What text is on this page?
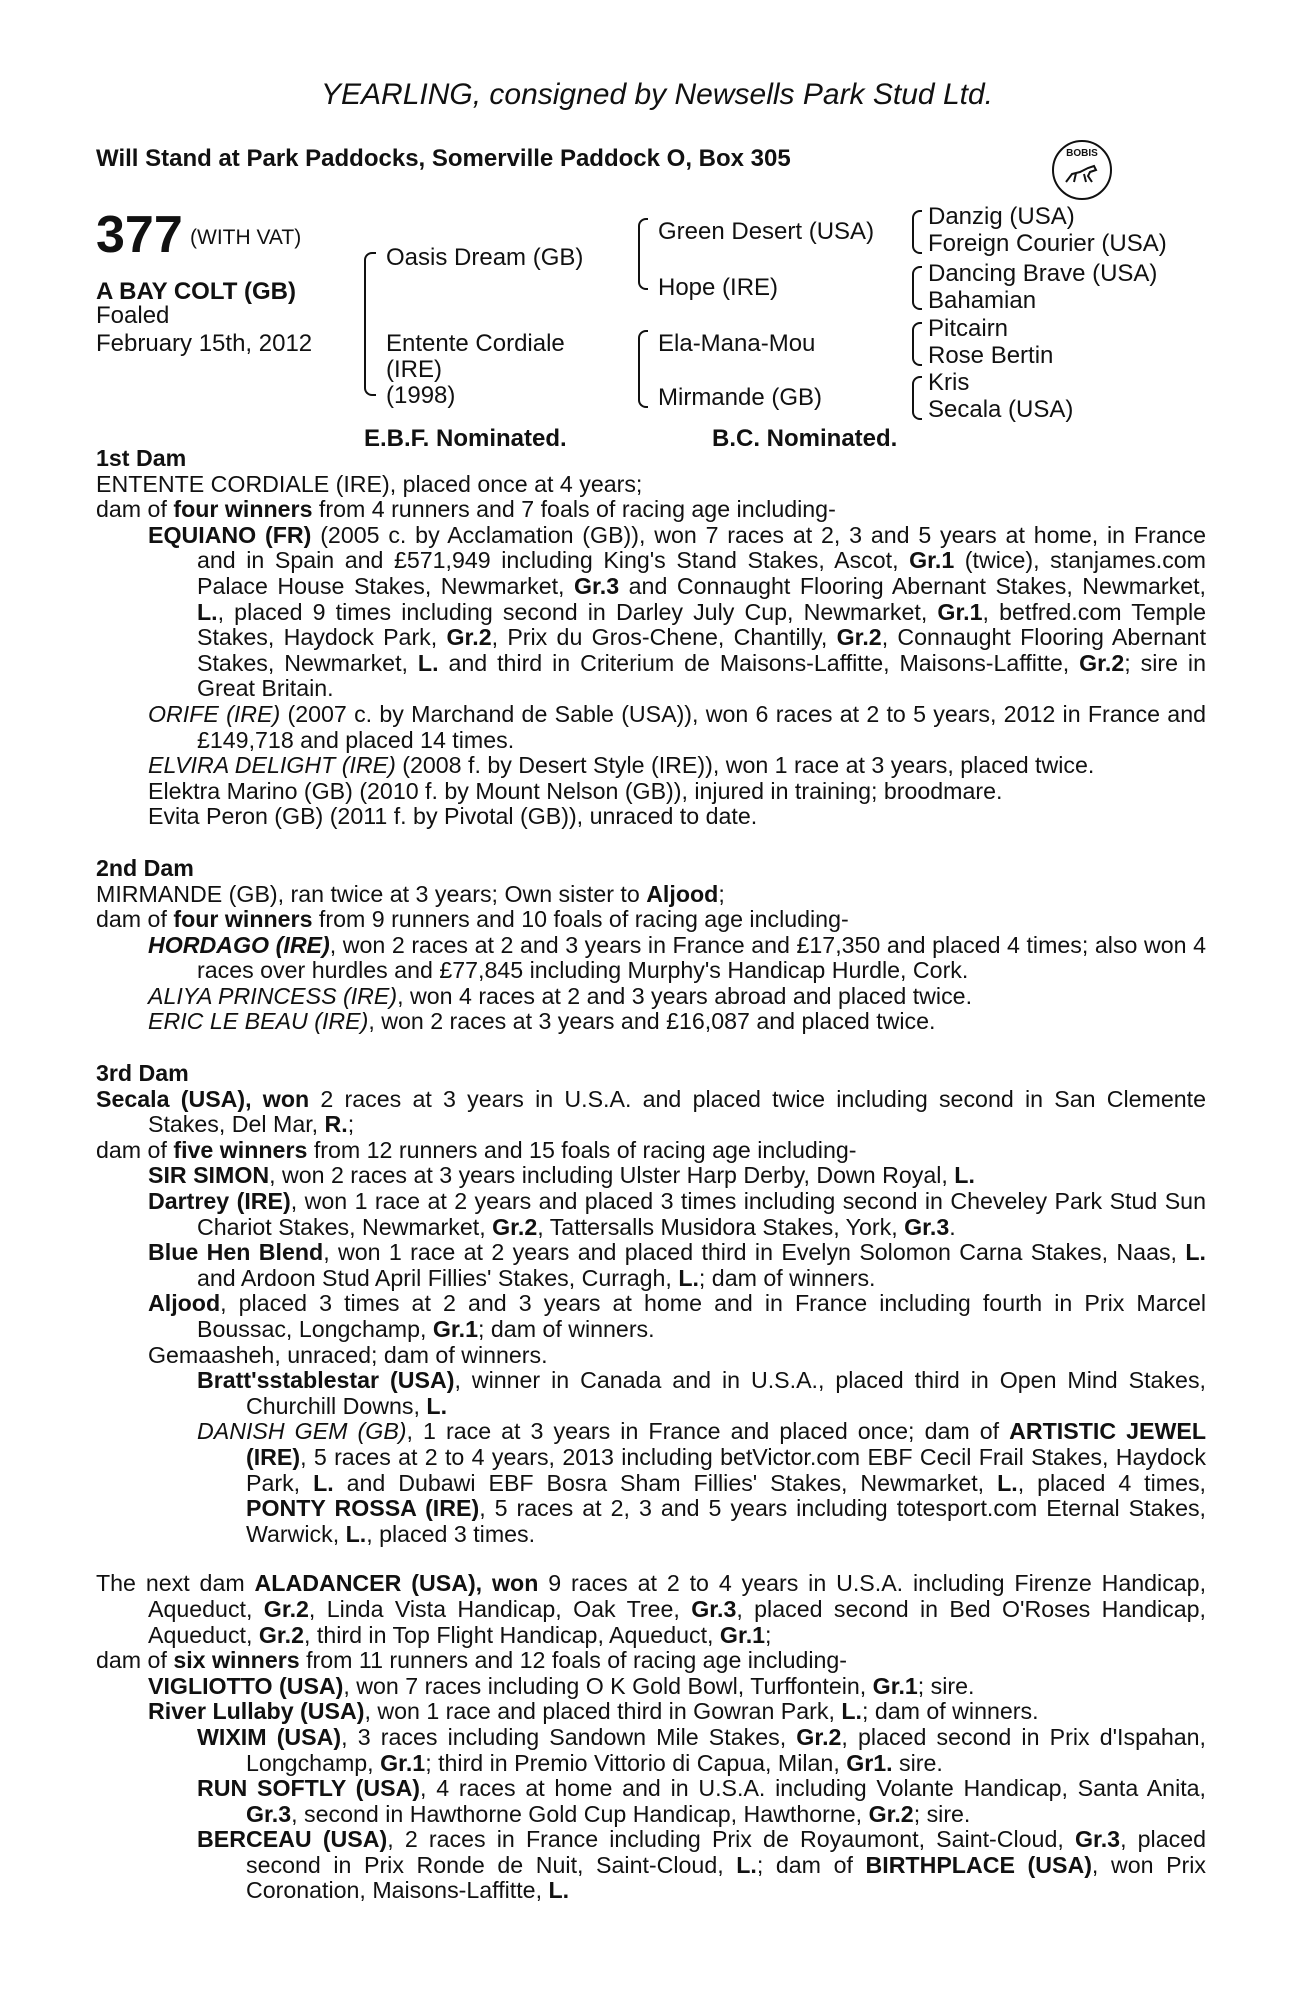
YEARLING, consigned by Newsells Park Stud Ltd.
Will Stand at Park Paddocks, Somerville Paddock O, Box 305	BOBIS
377 (WITH VAT)
A BAY COLT (GB)
Foaled
February 15th, 2012
Oasis Dream (GB)
Entente Cordiale
(IRE)
(1998)
Green Desert (USA)
Hope (IRE)
Ela-Mana-Mou
Mirmande (GB)
Danzig (USA)
Foreign Courier (USA)
Dancing Brave (USA)
Bahamian
Pitcairn
Rose Bertin
Kris
Secala (USA)
E.B.F. Nominated.	B.C. Nominated.

1st Dam

ENTENTE CORDIALE (IRE), placed once at 4 years;

dam of four winners from 4 runners and 7 foals of racing age including-

EQUIANO (FR) (2005 c. by Acclamation (GB)), won 7 races at 2, 3 and 5 years at home, in France and in Spain and £571,949 including King's Stand Stakes, Ascot, Gr.1 (twice), stanjames.com Palace House Stakes, Newmarket, Gr.3 and Connaught Flooring Abernant Stakes, Newmarket, L., placed 9 times including second in Darley July Cup, Newmarket, Gr.1, betfred.com Temple Stakes, Haydock Park, Gr.2, Prix du Gros-Chene, Chantilly, Gr.2, Connaught Flooring Abernant Stakes, Newmarket, L. and third in Criterium de Maisons-Laffitte, Maisons-Laffitte, Gr.2; sire in Great Britain.

ORIFE (IRE) (2007 c. by Marchand de Sable (USA)), won 6 races at 2 to 5 years, 2012 in France and £149,718 and placed 14 times.

ELVIRA DELIGHT (IRE) (2008 f. by Desert Style (IRE)), won 1 race at 3 years, placed twice.

Elektra Marino (GB) (2010 f. by Mount Nelson (GB)), injured in training; broodmare.

Evita Peron (GB) (2011 f. by Pivotal (GB)), unraced to date.

2nd Dam

MIRMANDE (GB), ran twice at 3 years; Own sister to Aljood;

dam of four winners from 9 runners and 10 foals of racing age including-

HORDAGO (IRE), won 2 races at 2 and 3 years in France and £17,350 and placed 4 times; also won 4 races over hurdles and £77,845 including Murphy's Handicap Hurdle, Cork.

ALIYA PRINCESS (IRE), won 4 races at 2 and 3 years abroad and placed twice.

ERIC LE BEAU (IRE), won 2 races at 3 years and £16,087 and placed twice.

3rd Dam

Secala (USA), won 2 races at 3 years in U.S.A. and placed twice including second in San Clemente Stakes, Del Mar, R.;

dam of five winners from 12 runners and 15 foals of racing age including-

SIR SIMON, won 2 races at 3 years including Ulster Harp Derby, Down Royal, L.

Dartrey (IRE), won 1 race at 2 years and placed 3 times including second in Cheveley Park Stud Sun Chariot Stakes, Newmarket, Gr.2, Tattersalls Musidora Stakes, York, Gr.3.

Blue Hen Blend, won 1 race at 2 years and placed third in Evelyn Solomon Carna Stakes, Naas, L. and Ardoon Stud April Fillies' Stakes, Curragh, L.; dam of winners.

Aljood, placed 3 times at 2 and 3 years at home and in France including fourth in Prix Marcel Boussac, Longchamp, Gr.1; dam of winners.

Gemaasheh, unraced; dam of winners.

Bratt'sstablestar (USA), winner in Canada and in U.S.A., placed third in Open Mind Stakes, Churchill Downs, L.

DANISH GEM (GB), 1 race at 3 years in France and placed once; dam of ARTISTIC JEWEL (IRE), 5 races at 2 to 4 years, 2013 including betVictor.com EBF Cecil Frail Stakes, Haydock Park, L. and Dubawi EBF Bosra Sham Fillies' Stakes, Newmarket, L., placed 4 times, PONTY ROSSA (IRE), 5 races at 2, 3 and 5 years including totesport.com Eternal Stakes, Warwick, L., placed 3 times.

The next dam ALADANCER (USA), won 9 races at 2 to 4 years in U.S.A. including Firenze Handicap, Aqueduct, Gr.2, Linda Vista Handicap, Oak Tree, Gr.3, placed second in Bed O'Roses Handicap, Aqueduct, Gr.2, third in Top Flight Handicap, Aqueduct, Gr.1;

dam of six winners from 11 runners and 12 foals of racing age including-

VIGLIOTTO (USA), won 7 races including O K Gold Bowl, Turffontein, Gr.1; sire.

River Lullaby (USA), won 1 race and placed third in Gowran Park, L.; dam of winners.

WIXIM (USA), 3 races including Sandown Mile Stakes, Gr.2, placed second in Prix d'Ispahan, Longchamp, Gr.1; third in Premio Vittorio di Capua, Milan, Gr1. sire.

RUN SOFTLY (USA), 4 races at home and in U.S.A. including Volante Handicap, Santa Anita, Gr.3, second in Hawthorne Gold Cup Handicap, Hawthorne, Gr.2; sire.

BERCEAU (USA), 2 races in France including Prix de Royaumont, Saint-Cloud, Gr.3, placed second in Prix Ronde de Nuit, Saint-Cloud, L.; dam of BIRTHPLACE (USA), won Prix Coronation, Maisons-Laffitte, L.
